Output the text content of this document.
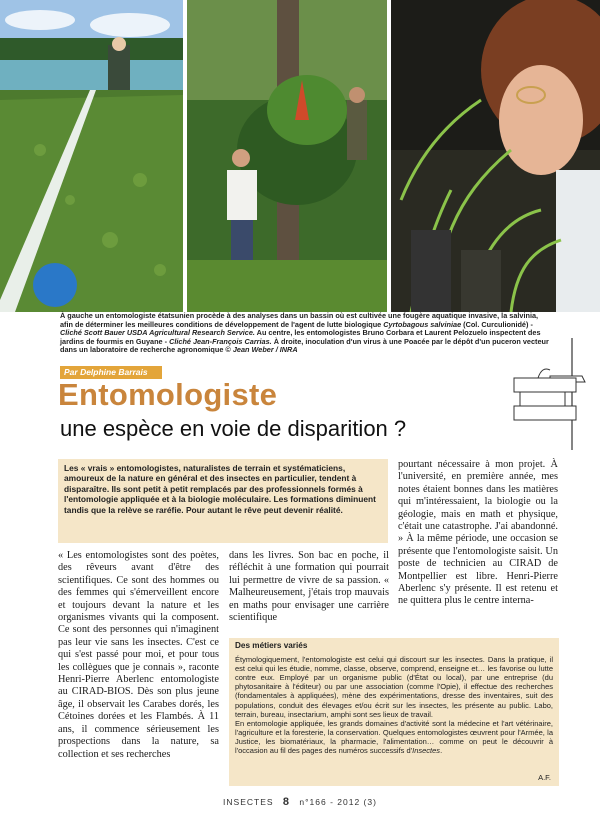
À gauche un entomologiste étatsunien procède à des analyses dans un bassin où est cultivée une fougère aquatique invasive, la salvinia, afin de déterminer les meilleures conditions de développement de l'agent de lutte biologique Cyrtobagous salviniae (Col. Curculionidé) - Cliché Scott Bauer USDA Agricultural Research Service. Au centre, les entomologistes Bruno Corbara et Laurent Pelozuelo inspectent des jardins de fourmis en Guyane - Cliché Jean-François Carrias. À droite, inoculation d'un virus à une Poacée par le dépôt d'un puceron vecteur dans un laboratoire de recherche agronomique © Jean Weber / INRA
Par Delphine Barrais
Entomologiste
une espèce en voie de disparition ?
Les « vrais » entomologistes, naturalistes de terrain et systématiciens, amoureux de la nature en général et des insectes en particulier, tendent à disparaître. Ils sont petit à petit remplacés par des professionnels formés à l'entomologie appliquée et à la biologie moléculaire. Les formations diminuent tandis que la relève se raréfie. Pour autant le rêve peut devenir réalité.
« Les entomologistes sont des poètes, des rêveurs avant d'être des scientifiques. Ce sont des hommes ou des femmes qui s'émerveillent encore et toujours devant la nature et les organismes vivants qui la composent. Ce sont des personnes qui n'imaginent pas leur vie sans les insectes. C'est ce qui s'est passé pour moi, et pour tous les collègues que je connais », raconte Henri-Pierre Aberlenc entomologiste au CIRAD-BIOS. Dès son plus jeune âge, il observait les Carabes dorés, les Cétoines dorées et les Flambés. À 11 ans, il commence sérieusement les prospections dans la nature, sa collection et ses recherches
dans les livres. Son bac en poche, il réfléchit à une formation qui pourrait lui permettre de vivre de sa passion. « Malheureusement, j'étais trop mauvais en maths pour envisager une carrière scientifique
pourtant nécessaire à mon projet. À l'université, en première année, mes notes étaient bonnes dans les matières qui m'intéressaient, la biologie ou la géologie, mais en math et physique, c'était une catastrophe. J'ai abandonné. » À la même période, une occasion se présente que l'entomologiste saisit. Un poste de technicien au CIRAD de Montpellier est libre. Henri-Pierre Aberlenc s'y présente. Il est retenu et ne quittera plus le centre interna-
Des métiers variés
Étymologiquement, l'entomologiste est celui qui discourt sur les insectes. Dans la pratique, il est celui qui les étudie, nomme, classe, observe, comprend, enseigne et… les favorise ou lutte contre eux. Employé par un organisme public (d'État ou local), par une entreprise (du phytosanitaire à l'éditeur) ou par une association (comme l'Opie), il effectue des recherches (fondamentales à appliquées), mène des expérimentations, dresse des inventaires, suit des populations, conduit des élevages et/ou écrit sur les insectes, les présente au public. Labo, terrain, bureau, insectarium, amphi sont ses lieux de travail.
En entomologie appliquée, les grands domaines d'activité sont la médecine et l'art vétérinaire, l'agriculture et la foresterie, la conservation. Quelques entomologistes œuvrent pour l'Armée, la Justice, les biomatériaux, la pharmacie, l'alimentation… comme on peut le découvrir à l'occasion au fil des pages des numéros successifs d'Insectes.
A.F.
INSECTES 8 n°166 - 2012 (3)
